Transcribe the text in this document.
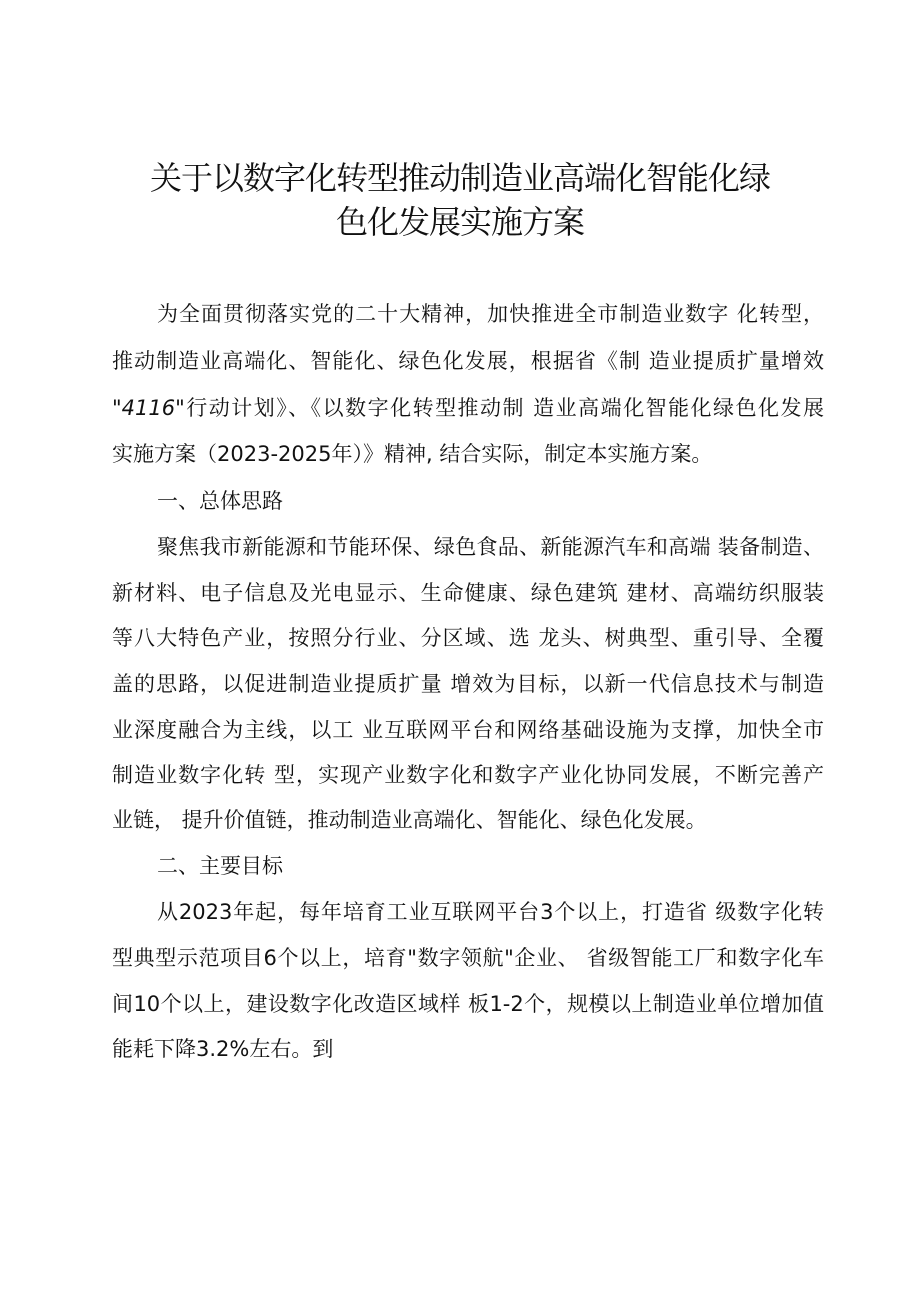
关于以数字化转型推动制造业高端化智能化绿
色化发展实施方案
为全面贯彻落实党的二十大精神，加快推进全市制造业数字 化转型，
推动制造业高端化、智能化、绿色化发展，根据省《制 造业提质扩量增效
"4116"行动计划》、《以数字化转型推动制 造业高端化智能化绿色化发展
实施方案（2023-2025年）》精神, 结合实际，制定本实施方案。
一、总体思路
聚焦我市新能源和节能环保、绿色食品、新能源汽车和高端 装备制造、
新材料、电子信息及光电显示、生命健康、绿色建筑 建材、高端纺织服装
等八大特色产业，按照分行业、分区域、选 龙头、树典型、重引导、全覆
盖的思路，以促进制造业提质扩量 增效为目标，以新一代信息技术与制造
业深度融合为主线，以工 业互联网平台和网络基础设施为支撑，加快全市
制造业数字化转 型，实现产业数字化和数字产业化协同发展，不断完善产
业链， 提升价值链，推动制造业高端化、智能化、绿色化发展。
二、主要目标
从2023年起，每年培育工业互联网平台3个以上，打造省 级数字化转
型典型示范项目6个以上，培育"数字领航"企业、 省级智能工厂和数字化车
间10个以上，建设数字化改造区域样 板1-2个，规模以上制造业单位增加值
能耗下降3.2%左右。到
